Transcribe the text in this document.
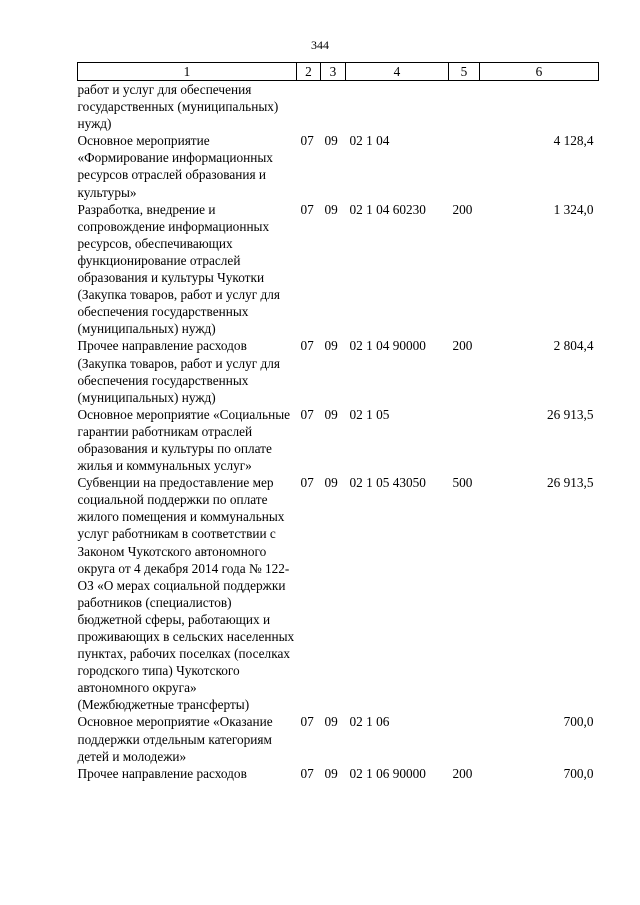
344
1	2	3	4	5	6
работ и услуг для обеспечения государственных (муниципальных) нужд)					
Основное мероприятие «Формирование информационных ресурсов отраслей образования и культуры»	07	09	02 1 04		4 128,4
Разработка, внедрение и сопровождение информационных ресурсов, обеспечивающих функционирование отраслей образования и культуры Чукотки (Закупка товаров, работ и услуг для обеспечения государственных (муниципальных) нужд)	07	09	02 1 04 60230	200	1 324,0
Прочее направление расходов (Закупка товаров, работ и услуг для обеспечения государственных (муниципальных) нужд)	07	09	02 1 04 90000	200	2 804,4
Основное мероприятие «Социальные гарантии работникам отраслей образования и культуры по оплате жилья и коммунальных услуг»	07	09	02 1 05		26 913,5
Субвенции на предоставление мер социальной поддержки по оплате жилого помещения и коммунальных услуг работникам в соответствии с Законом Чукотского автономного округа от 4 декабря 2014 года № 122-ОЗ «О мерах социальной поддержки работников (специалистов) бюджетной сферы, работающих и проживающих в сельских населенных пунктах, рабочих поселках (поселках городского типа) Чукотского автономного округа» (Межбюджетные трансферты)	07	09	02 1 05 43050	500	26 913,5
Основное мероприятие «Оказание поддержки отдельным категориям детей и молодежи»	07	09	02 1 06		700,0
Прочее направление расходов	07	09	02 1 06 90000	200	700,0
